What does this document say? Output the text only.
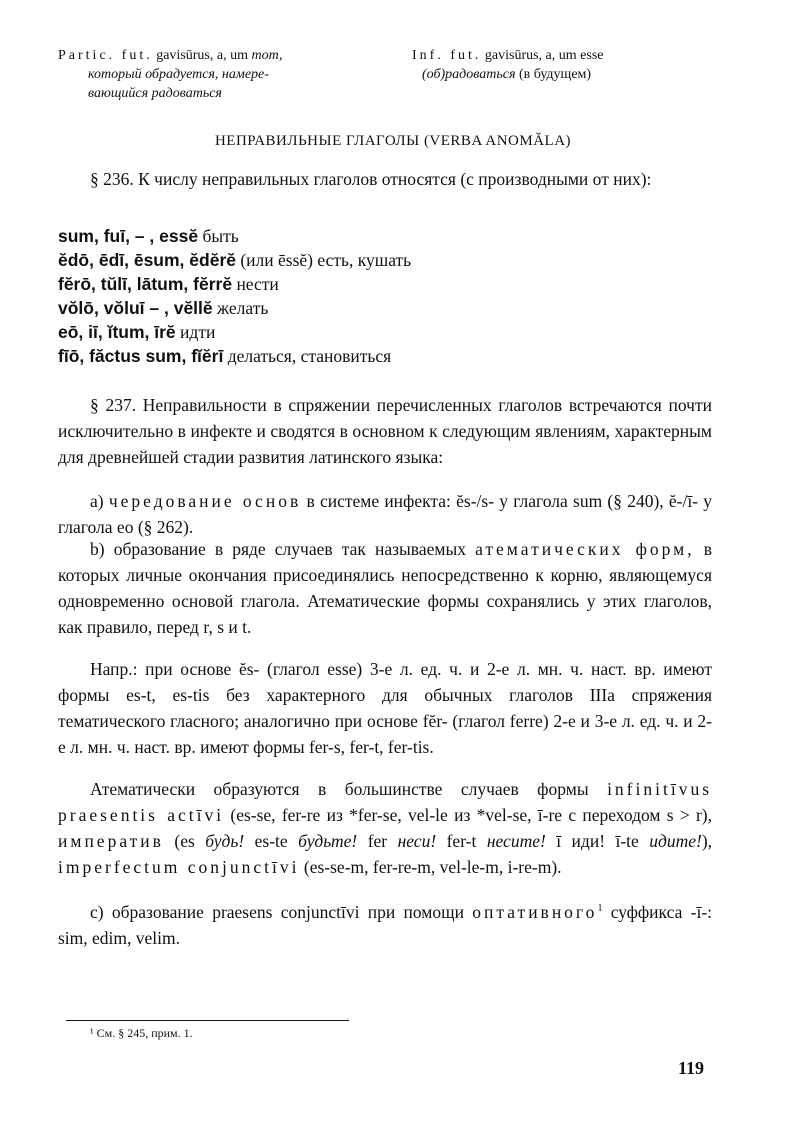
Partic. fut. gavisūrus, a, um тот,
который обрадуется, намере-
вающийся радоваться
Inf. fut. gavisūrus, a, um esse
(об)радоваться (в будущем)
НЕПРАВИЛЬНЫЕ ГЛАГОЛЫ (VERBA ANOMĂLA)
§ 236. К числу неправильных глаголов относятся (с производными от них):
sum, fuī, – , essĕ быть
ĕdō, ēdī, ēsum, ĕdĕrĕ (или ēssĕ) есть, кушать
fĕrō, tŭlī, lātum, fĕrrĕ нести
vŏlō, vŏluī – , vĕllĕ желать
eō, iī, ĭtum, īrĕ идти
fīō, făctus sum, fĭĕrī делаться, становиться
§ 237. Неправильности в спряжении перечисленных глаголов встречаются почти исключительно в инфекте и сводятся в основном к следующим явлениям, характерным для древнейшей стадии развития латинского языка:
а) чередование основ в системе инфекта: ĕs-/s- у глагола sum (§ 240), ĕ-/ī- у глагола eo (§ 262).
b) образование в ряде случаев так называемых атематических форм, в которых личные окончания присоединялись непосредственно к корню, являющемуся одновременно основой глагола. Атематические формы сохранялись у этих глаголов, как правило, перед r, s и t.
Напр.: при основе ĕs- (глагол esse) 3-е л. ед. ч. и 2-е л. мн. ч. наст. вр. имеют формы es-t, es-tis без характерного для обычных глаголов IIIa спряжения тематического гласного; аналогично при основе fĕr- (глагол ferre) 2-е и 3-е л. ед. ч. и 2-е л. мн. ч. наст. вр. имеют формы fer-s, fer-t, fer-tis.
Атематически образуются в большинстве случаев формы infinitīvus praesentis actīvi (es-se, fer-re из *fer-se, vel-le из *vel-se, ī-re с переходом s > r), императив (es будь! es-te будьте! fer неси! fer-t несите! ī иди! ī-te идите!), imperfectum conjunctīvi (es-se-m, fer-re-m, vel-le-m, i-re-m).
с) образование praesens conjunctīvi при помощи оптативного$^1$ суффикса -ī-: sim, edim, velim.
¹ См. § 245, прим. 1.
119
